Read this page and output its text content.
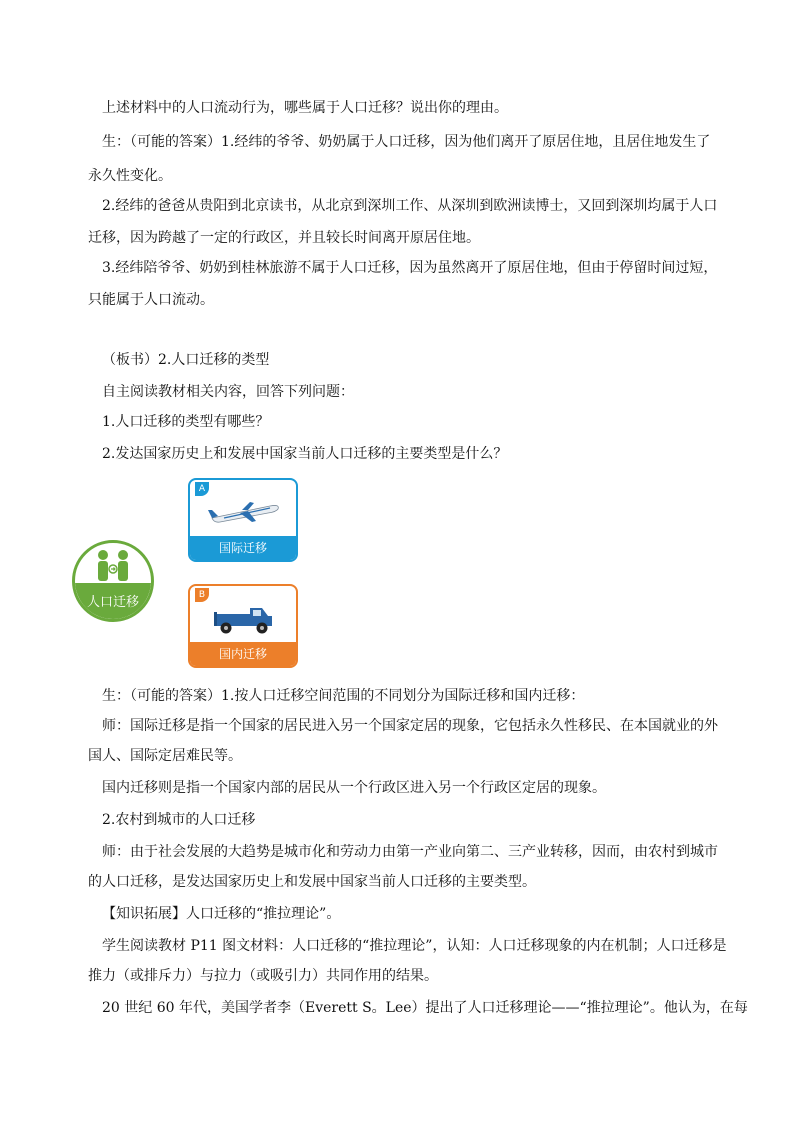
上述材料中的人口流动行为，哪些属于人口迁移？说出你的理由。

生：（可能的答案）1.经纬的爷爷、奶奶属于人口迁移，因为他们离开了原居住地，且居住地发生了

永久性变化。

2.经纬的爸爸从贵阳到北京读书，从北京到深圳工作、从深圳到欧洲读博士，又回到深圳均属于人口

迁移，因为跨越了一定的行政区，并且较长时间离开原居住地。

3.经纬陪爷爷、奶奶到桂林旅游不属于人口迁移，因为虽然离开了原居住地，但由于停留时间过短，

只能属于人口流动。

（板书）2.人口迁移的类型

自主阅读教材相关内容，回答下列问题：

1.人口迁移的类型有哪些？

2.发达国家历史上和发展中国家当前人口迁移的主要类型是什么？

人口迁移
A
国际迁移
B
国内迁移

生：（可能的答案）1.按人口迁移空间范围的不同划分为国际迁移和国内迁移：

师：国际迁移是指一个国家的居民进入另一个国家定居的现象，它包括永久性移民、在本国就业的外

国人、国际定居难民等。

国内迁移则是指一个国家内部的居民从一个行政区进入另一个行政区定居的现象。

2.农村到城市的人口迁移

师：由于社会发展的大趋势是城市化和劳动力由第一产业向第二、三产业转移，因而，由农村到城市

的人口迁移，是发达国家历史上和发展中国家当前人口迁移的主要类型。

【知识拓展】人口迁移的“推拉理论”。

学生阅读教材 P11 图文材料：人口迁移的“推拉理论”，认知：人口迁移现象的内在机制；人口迁移是

推力（或排斥力）与拉力（或吸引力）共同作用的结果。

20 世纪 60 年代，美国学者李（Everett S。Lee）提出了人口迁移理论——“推拉理论”。他认为，在每
